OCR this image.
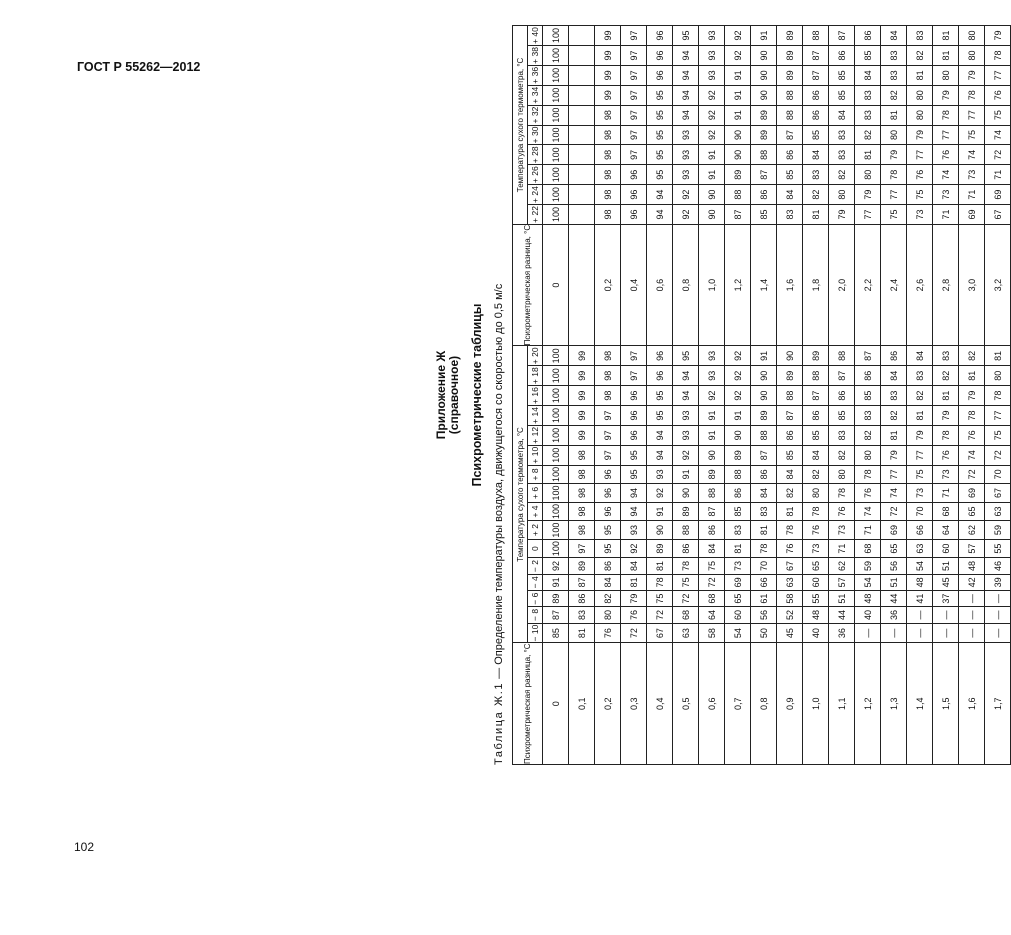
ГОСТ Р 55262—2012
102
Приложение Ж (справочное) Психрометрические таблицы
Таблица Ж.1 — Определение температуры воздуха, движущегося со скоростью до 0,5 м/с
Психрометрическая разница, °С	Температура сухого термометра, °С																Психрометрическая разница, °С	Температура сухого термометра, °С									
	− 10	− 8	− 6	− 4	− 2	0	+ 2	+ 4	+ 6	+ 8	+ 10	+ 12	+ 14	+ 16	+ 18	+ 20		+ 22	+ 24	+ 26	+ 28	+ 30	+ 32	+ 34	+ 36	+ 38	+ 40
0	85	87	89	91	92	100	100	100	100	100	100	100	100	100	100	100	0	100	100	100	100	100	100	100	100	100	100
0,1	81	83	86	87	89	97	98	98	98	98	98	99	99	99	99	99											
0,2	76	80	82	84	86	95	95	96	96	96	97	97	97	98	98	98	0,2	98	98	98	98	98	98	99	99	99	99
0,3	72	76	79	81	84	92	93	94	94	95	95	96	96	96	97	97	0,4	96	96	96	97	97	97	97	97	97	97
0,4	67	72	75	78	81	89	90	91	92	93	94	94	95	95	96	96	0,6	94	94	95	95	95	95	95	96	96	96
0,5	63	68	72	75	78	86	88	89	90	91	92	93	93	94	94	95	0,8	92	92	93	93	93	94	94	94	94	95
0,6	58	64	68	72	75	84	86	87	88	89	90	91	91	92	93	93	1,0	90	90	91	91	92	92	92	93	93	93
0,7	54	60	65	69	73	81	83	85	86	88	89	90	91	92	92	92	1,2	87	88	89	90	90	91	91	91	92	92
0,8	50	56	61	66	70	78	81	83	84	86	87	88	89	90	90	91	1,4	85	86	87	88	89	89	90	90	90	91
0,9	45	52	58	63	67	76	78	81	82	84	85	86	87	88	89	90	1,6	83	84	85	86	87	88	88	89	89	89
1,0	40	48	55	60	65	73	76	78	80	82	84	85	86	87	88	89	1,8	81	82	83	84	85	86	86	87	87	88
1,1	36	44	51	57	62	71	73	76	78	80	82	83	85	86	87	88	2,0	79	80	82	83	83	84	85	85	86	87
1,2	—	40	48	54	59	68	71	74	76	78	80	82	83	85	86	87	2,2	77	79	80	81	82	83	83	84	85	86
1,3	—	36	44	51	56	65	69	72	74	77	79	81	82	83	84	86	2,4	75	77	78	79	80	81	82	83	83	84
1,4	—	—	41	48	54	63	66	70	73	75	77	79	81	82	83	84	2,6	73	75	76	77	79	80	80	81	82	83
1,5	—	—	37	45	51	60	64	68	71	73	76	78	79	81	82	83	2,8	71	73	74	76	77	78	79	80	81	81
1,6	—	—	—	42	48	57	62	65	69	72	74	76	78	79	81	82	3,0	69	71	73	74	75	77	78	79	80	80
1,7	—	—	—	39	46	55	59	63	67	70	72	75	77	78	80	81	3,2	67	69	71	72	74	75	76	77	78	79
